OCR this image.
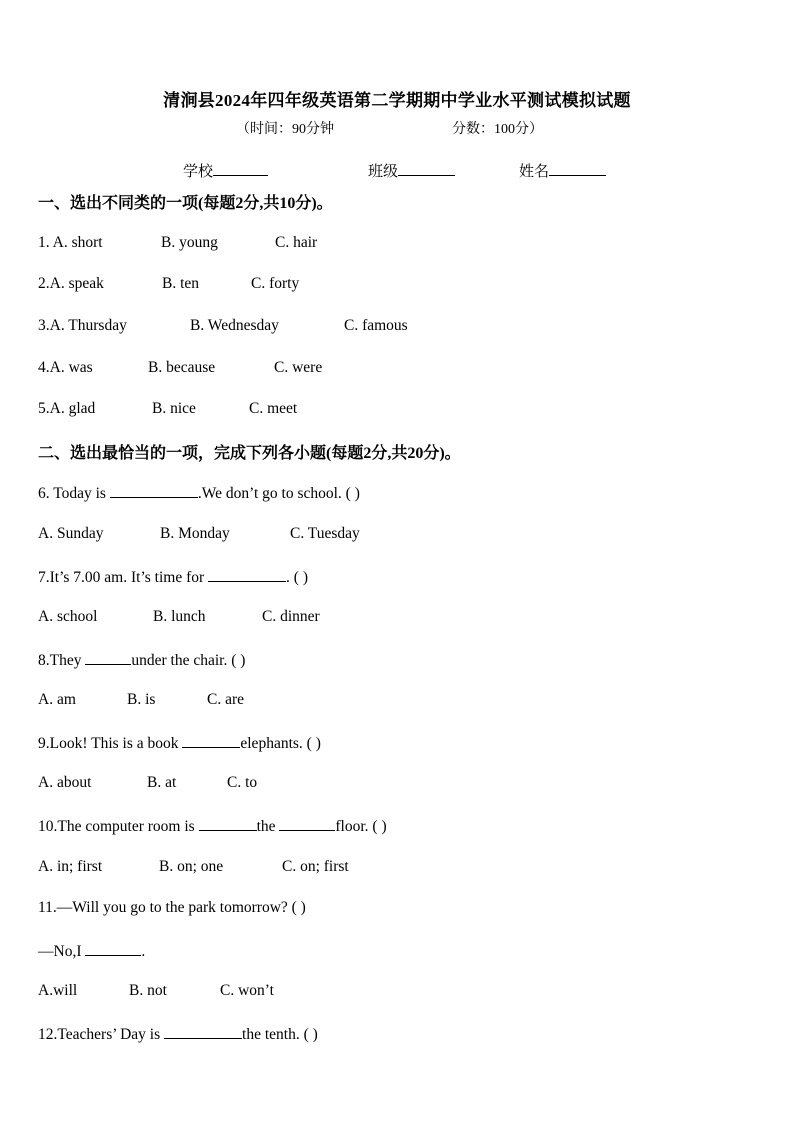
清涧县2024年四年级英语第二学期期中学业水平测试模拟试题
（时间：90分钟	分数：100分）
学校	班级	姓名
一、选出不同类的一项(每题2分,共10分)。
1. A. short	B. young	C. hair
2.A. speak	B. ten	C. forty
3.A. Thursday	B. Wednesday	C. famous
4.A. was	B. because	C. were
5.A. glad	B. nice	C. meet
二、选出最恰当的一项，完成下列各小题(每题2分,共20分)。
6. Today is	.We don’t go to school. ( )
A. Sunday	B. Monday	C. Tuesday
7.It’s 7.00 am. It’s time for	. ( )
A. school	B. lunch	C. dinner
8.They	under the chair. ( )
A. am	B. is	C. are
9.Look! This is a book	elephants. ( )
A. about	B. at	C. to
10.The computer room is	the	floor. ( )
A. in; first	B. on; one	C. on; first
11.—Will you go to the park tomorrow? ( )
—No,I	.
A.will	B. not	C. won’t
12.Teachers’ Day is	the tenth. ( )
